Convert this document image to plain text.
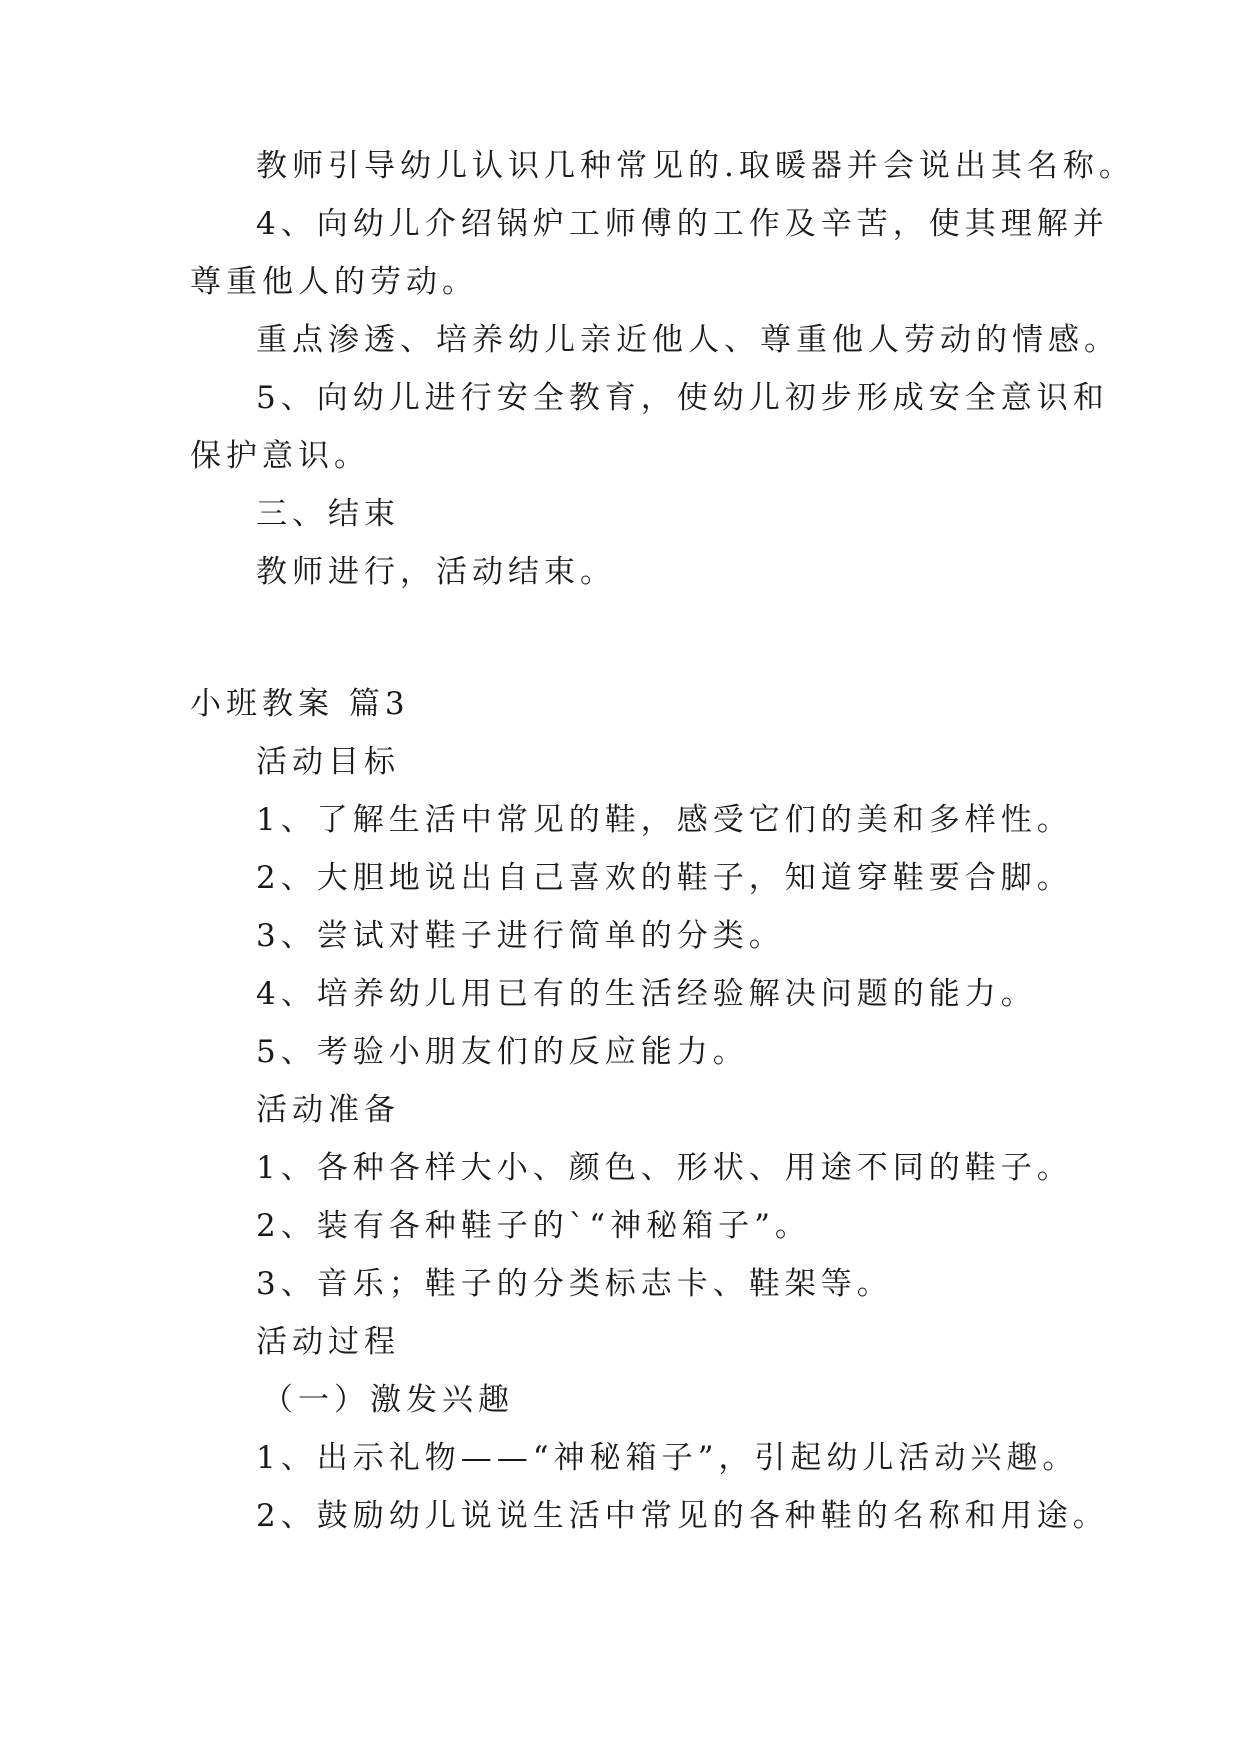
教师引导幼儿认识几种常见的.取暖器并会说出其名称。
4、向幼儿介绍锅炉工师傅的工作及辛苦，使其理解并
尊重他人的劳动。
重点渗透、培养幼儿亲近他人、尊重他人劳动的情感。
5、向幼儿进行安全教育，使幼儿初步形成安全意识和
保护意识。
三、结束
教师进行，活动结束。
小班教案 篇3
活动目标
1、了解生活中常见的鞋，感受它们的美和多样性。
2、大胆地说出自己喜欢的鞋子，知道穿鞋要合脚。
3、尝试对鞋子进行简单的分类。
4、培养幼儿用已有的生活经验解决问题的能力。
5、考验小朋友们的反应能力。
活动准备
1、各种各样大小、颜色、形状、用途不同的鞋子。
2、装有各种鞋子的`“神秘箱子”。
3、音乐；鞋子的分类标志卡、鞋架等。
活动过程
（一）激发兴趣
1、出示礼物——“神秘箱子”，引起幼儿活动兴趣。
2、鼓励幼儿说说生活中常见的各种鞋的名称和用途。
